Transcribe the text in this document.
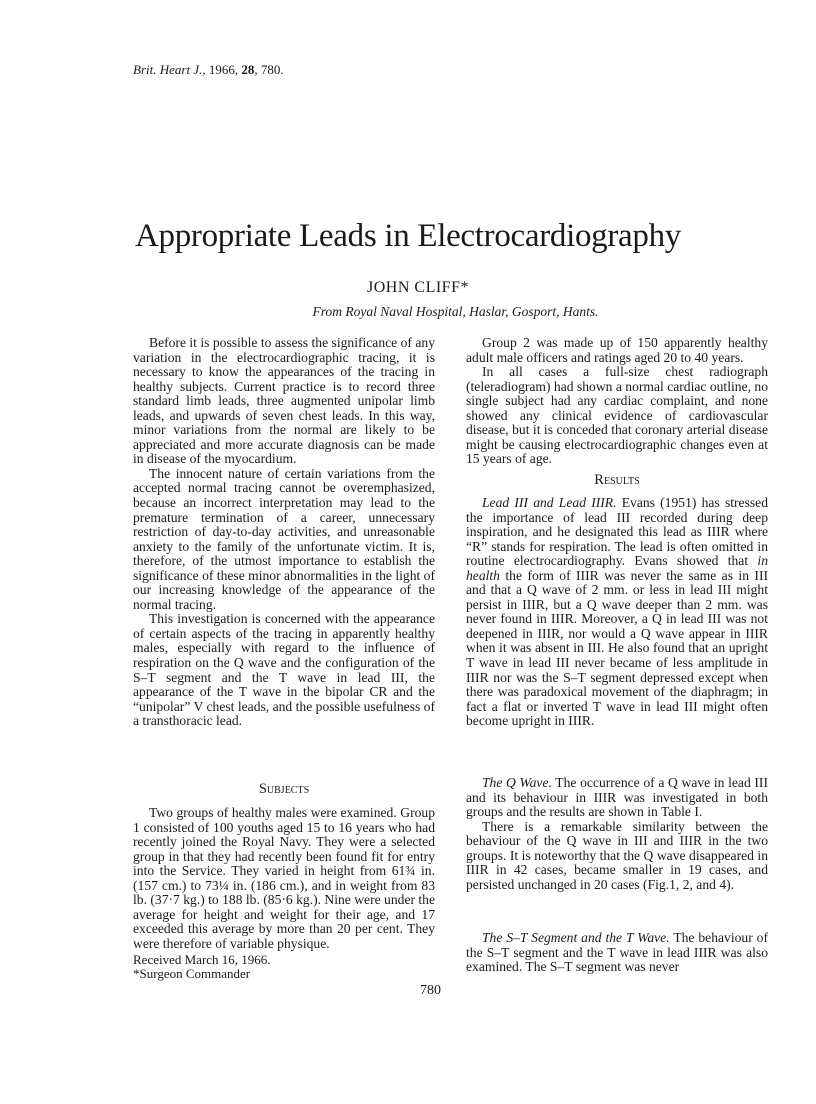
Brit. Heart J., 1966, 28, 780.
Appropriate Leads in Electrocardiography
JOHN CLIFF*
From Royal Naval Hospital, Haslar, Gosport, Hants.

Before it is possible to assess the significance of any variation in the electrocardiographic tracing, it is necessary to know the appearances of the tracing in healthy subjects. Current practice is to record three standard limb leads, three augmented unipolar limb leads, and upwards of seven chest leads. In this way, minor variations from the normal are likely to be appreciated and more accurate diagnosis can be made in disease of the myocardium.

The innocent nature of certain variations from the accepted normal tracing cannot be overemphasized, because an incorrect interpretation may lead to the premature termination of a career, unnecessary restriction of day-to-day activities, and unreasonable anxiety to the family of the unfortunate victim. It is, therefore, of the utmost importance to establish the significance of these minor abnormalities in the light of our increasing knowledge of the appearance of the normal tracing.

This investigation is concerned with the appearance of certain aspects of the tracing in apparently healthy males, especially with regard to the influence of respiration on the Q wave and the configuration of the S–T segment and the T wave in lead III, the appearance of the T wave in the bipolar CR and the “unipolar” V chest leads, and the possible usefulness of a transthoracic lead.

Subjects

Two groups of healthy males were examined. Group 1 consisted of 100 youths aged 15 to 16 years who had recently joined the Royal Navy. They were a selected group in that they had recently been found fit for entry into the Service. They varied in height from 61¾ in. (157 cm.) to 73¼ in. (186 cm.), and in weight from 83 lb. (37·7 kg.) to 188 lb. (85·6 kg.). Nine were under the average for height and weight for their age, and 17 exceeded this average by more than 20 per cent. They were therefore of variable physique.

Received March 16, 1966.
*Surgeon Commander

Group 2 was made up of 150 apparently healthy adult male officers and ratings aged 20 to 40 years.

In all cases a full-size chest radiograph (teleradiogram) had shown a normal cardiac outline, no single subject had any cardiac complaint, and none showed any clinical evidence of cardiovascular disease, but it is conceded that coronary arterial disease might be causing electrocardiographic changes even at 15 years of age.

Results

Lead III and Lead IIIR. Evans (1951) has stressed the importance of lead III recorded during deep inspiration, and he designated this lead as IIIR where “R” stands for respiration. The lead is often omitted in routine electrocardiography. Evans showed that in health the form of IIIR was never the same as in III and that a Q wave of 2 mm. or less in lead III might persist in IIIR, but a Q wave deeper than 2 mm. was never found in IIIR. Moreover, a Q in lead III was not deepened in IIIR, nor would a Q wave appear in IIIR when it was absent in III. He also found that an upright T wave in lead III never became of less amplitude in IIIR nor was the S–T segment depressed except when there was paradoxical movement of the diaphragm; in fact a flat or inverted T wave in lead III might often become upright in IIIR.

The Q Wave. The occurrence of a Q wave in lead III and its behaviour in IIIR was investigated in both groups and the results are shown in Table I.

There is a remarkable similarity between the behaviour of the Q wave in III and IIIR in the two groups. It is noteworthy that the Q wave disappeared in IIIR in 42 cases, became smaller in 19 cases, and persisted unchanged in 20 cases (Fig.1, 2, and 4).

The S–T Segment and the T Wave. The behaviour of the S–T segment and the T wave in lead IIIR was also examined. The S–T segment was never

780
